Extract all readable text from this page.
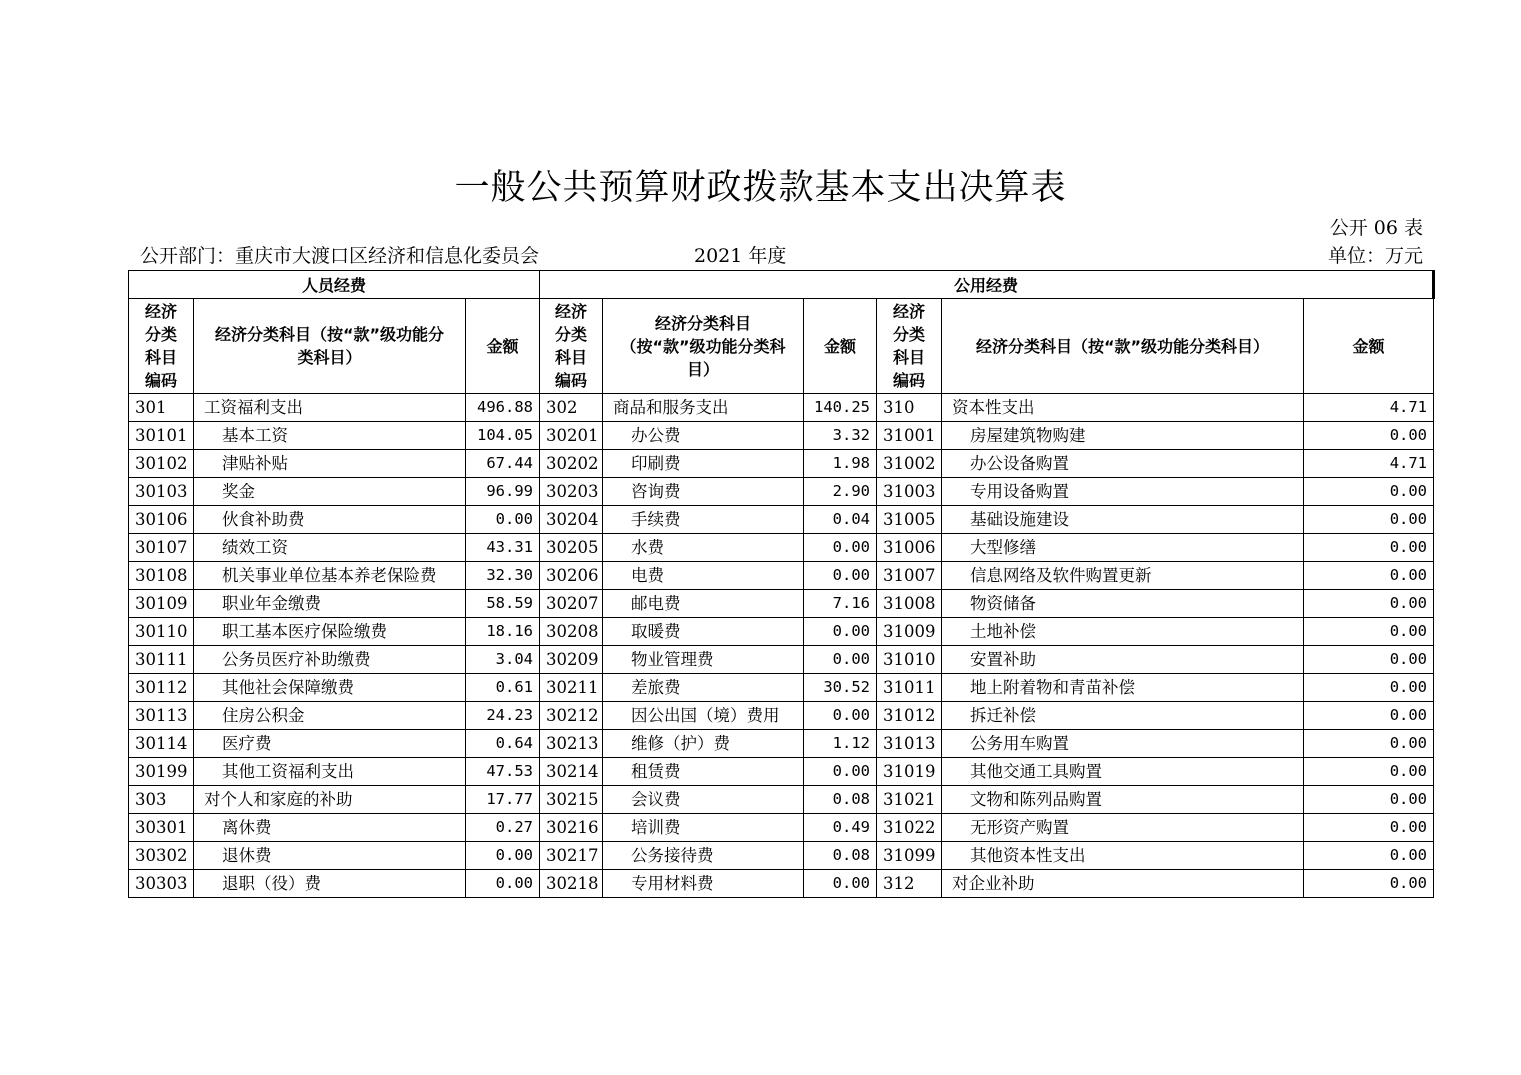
一般公共预算财政拨款基本支出决算表
公开 06 表
公开部门：重庆市大渡口区经济和信息化委员会	2021 年度	单位：万元
人员经费			公用经费					
经济分类科目编码	经济分类科目（按“款”级功能分类科目）	金额	经济分类科目编码	经济分类科目（按“款”级功能分类科目）	金额	经济分类科目编码	经济分类科目（按“款”级功能分类科目）	金额
301	工资福利支出	496.88	302	商品和服务支出	140.25	310	资本性支出	4.71
30101	基本工资	104.05	30201	办公费	3.32	31001	房屋建筑物购建	0.00
30102	津贴补贴	67.44	30202	印刷费	1.98	31002	办公设备购置	4.71
30103	奖金	96.99	30203	咨询费	2.90	31003	专用设备购置	0.00
30106	伙食补助费	0.00	30204	手续费	0.04	31005	基础设施建设	0.00
30107	绩效工资	43.31	30205	水费	0.00	31006	大型修缮	0.00
30108	机关事业单位基本养老保险费	32.30	30206	电费	0.00	31007	信息网络及软件购置更新	0.00
30109	职业年金缴费	58.59	30207	邮电费	7.16	31008	物资储备	0.00
30110	职工基本医疗保险缴费	18.16	30208	取暖费	0.00	31009	土地补偿	0.00
30111	公务员医疗补助缴费	3.04	30209	物业管理费	0.00	31010	安置补助	0.00
30112	其他社会保障缴费	0.61	30211	差旅费	30.52	31011	地上附着物和青苗补偿	0.00
30113	住房公积金	24.23	30212	因公出国（境）费用	0.00	31012	拆迁补偿	0.00
30114	医疗费	0.64	30213	维修（护）费	1.12	31013	公务用车购置	0.00
30199	其他工资福利支出	47.53	30214	租赁费	0.00	31019	其他交通工具购置	0.00
303	对个人和家庭的补助	17.77	30215	会议费	0.08	31021	文物和陈列品购置	0.00
30301	离休费	0.27	30216	培训费	0.49	31022	无形资产购置	0.00
30302	退休费	0.00	30217	公务接待费	0.08	31099	其他资本性支出	0.00
30303	退职（役）费	0.00	30218	专用材料费	0.00	312	对企业补助	0.00
